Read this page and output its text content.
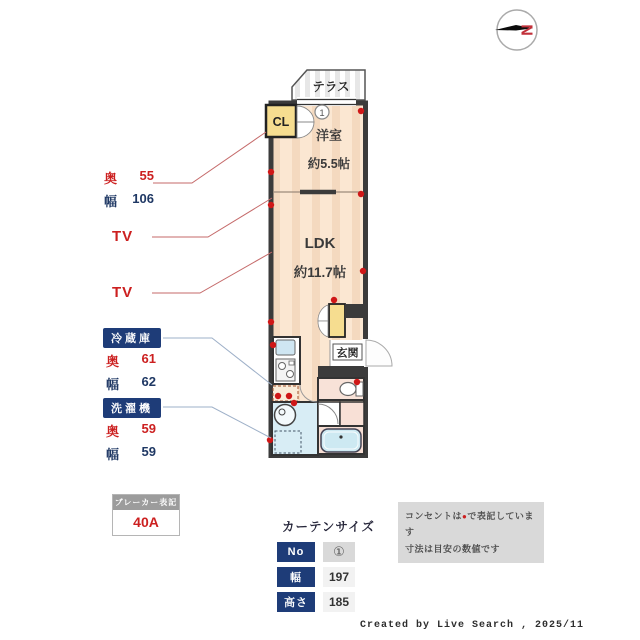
N
テラス
CL
1
洋室
約5.5帖
LDK
約11.7帖
玄関
奥 55
幅 106
TV
TV
冷蔵庫
奥 61
幅 62
洗濯機
奥 59
幅 59
ブレーカー表記
40A	カーテンサイズ
No	①
幅	197
高さ	185
コンセントは●で表記しています
寸法は目安の数値です
Created by Live Search , 2025/11
